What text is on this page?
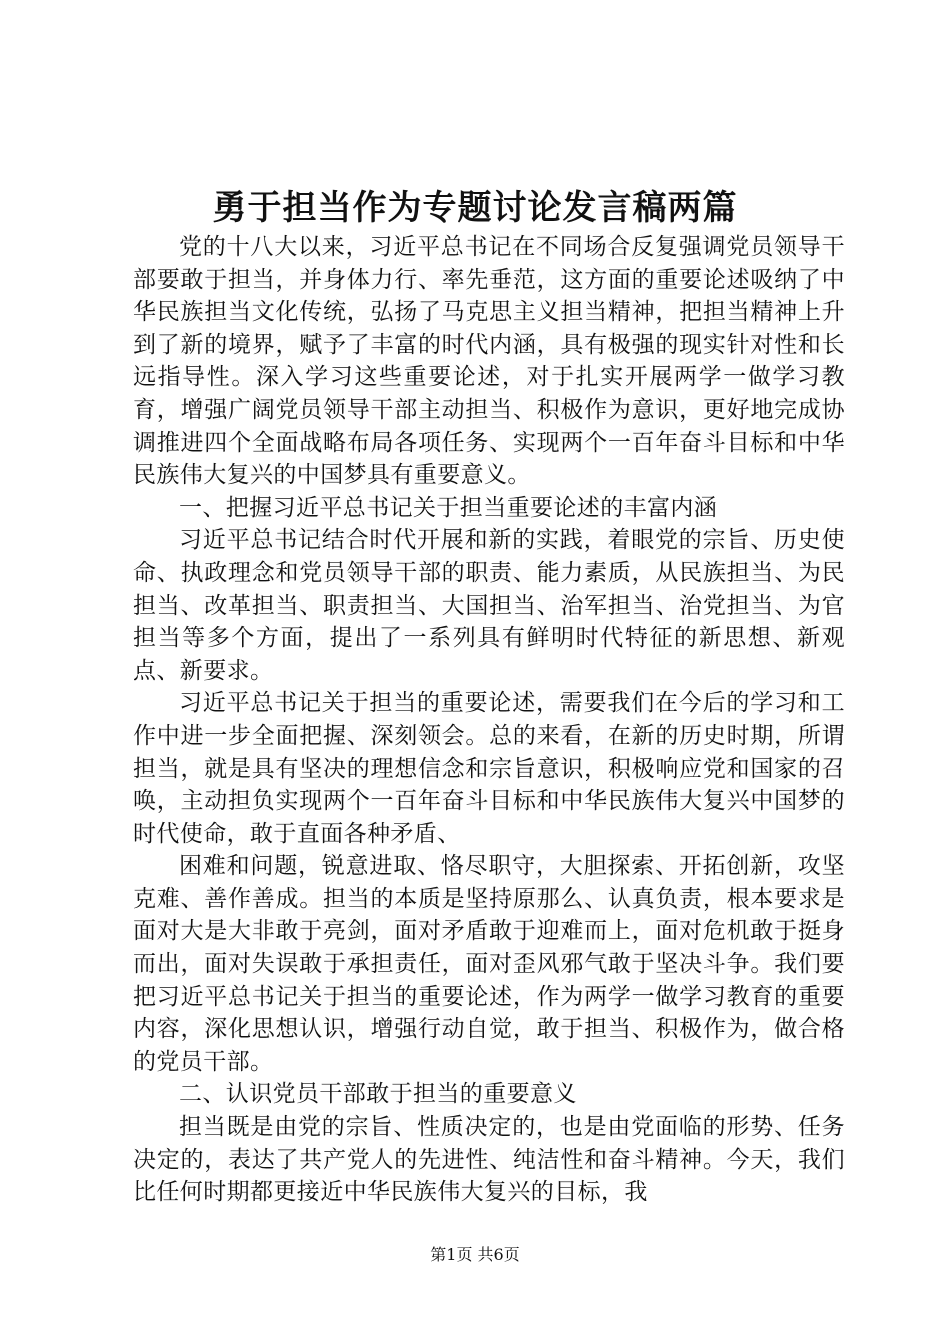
勇于担当作为专题讨论发言稿两篇

党的十八大以来，习近平总书记在不同场合反复强调党员领导干部要敢于担当，并身体力行、率先垂范，这方面的重要论述吸纳了中华民族担当文化传统，弘扬了马克思主义担当精神，把担当精神上升到了新的境界，赋予了丰富的时代内涵，具有极强的现实针对性和长远指导性。深入学习这些重要论述，对于扎实开展两学一做学习教育，增强广阔党员领导干部主动担当、积极作为意识，更好地完成协调推进四个全面战略布局各项任务、实现两个一百年奋斗目标和中华民族伟大复兴的中国梦具有重要意义。

一、把握习近平总书记关于担当重要论述的丰富内涵

习近平总书记结合时代开展和新的实践，着眼党的宗旨、历史使命、执政理念和党员领导干部的职责、能力素质，从民族担当、为民担当、改革担当、职责担当、大国担当、治军担当、治党担当、为官担当等多个方面，提出了一系列具有鲜明时代特征的新思想、新观点、新要求。

习近平总书记关于担当的重要论述，需要我们在今后的学习和工作中进一步全面把握、深刻领会。总的来看，在新的历史时期，所谓担当，就是具有坚决的理想信念和宗旨意识，积极响应党和国家的召唤，主动担负实现两个一百年奋斗目标和中华民族伟大复兴中国梦的时代使命，敢于直面各种矛盾、

困难和问题，锐意进取、恪尽职守，大胆探索、开拓创新，攻坚克难、善作善成。担当的本质是坚持原那么、认真负责，根本要求是面对大是大非敢于亮剑，面对矛盾敢于迎难而上，面对危机敢于挺身而出，面对失误敢于承担责任，面对歪风邪气敢于坚决斗争。我们要把习近平总书记关于担当的重要论述，作为两学一做学习教育的重要内容，深化思想认识，增强行动自觉，敢于担当、积极作为，做合格的党员干部。

二、认识党员干部敢于担当的重要意义

担当既是由党的宗旨、性质决定的，也是由党面临的形势、任务决定的，表达了共产党人的先进性、纯洁性和奋斗精神。今天，我们比任何时期都更接近中华民族伟大复兴的目标，我

第1页 共6页
